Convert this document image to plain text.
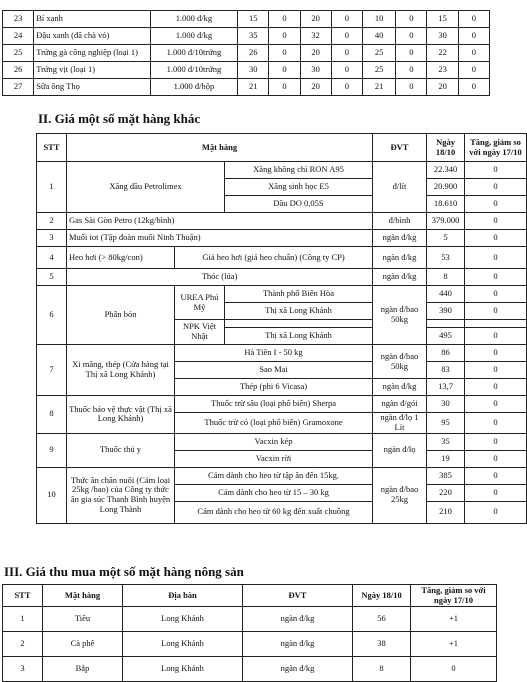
23	Bí xanh	1.000 đ/kg	15	0	20	0	10	0	15	0
24	Đậu xanh (đã chà vỏ)	1.000 đ/kg	35	0	32	0	40	0	30	0
25	Trứng gà công nghiệp (loại 1)	1.000 đ/10trứng	26	0	20	0	25	0	22	0
26	Trứng vịt (loại 1)	1.000 đ/10trứng	30	0	30	0	25	0	23	0
27	Sữa ông Thọ	1.000 đ/hộp	21	0	20	0	21	0	20	0
II. Giá một số mặt hàng khác
STT	Mặt hàng			ĐVT	Ngày 18/10	Tăng, giảm so với ngày 17/10
1	Xăng dầu Petrolimex		Xăng không chì RON A95	đ/lít	22.340	0
			Xăng sinh học E5		20.900	0
			Dầu DO 0,05S		18.610	0
2	Gas Sài Gòn Petro (12kg/bình)			đ/bình	379.000	0
3	Muối iot (Tập đoàn muối Ninh Thuận)			ngàn đ/kg	5	0
4	Heo hơi (> 80kg/con)	Giá heo hơi (giá heo chuẩn) (Công ty CP)		ngàn đ/kg	53	0
5	Thóc (lúa)			ngàn đ/kg	8	0
6	Phân bón	UREA Phú Mỹ	Thành phố Biên Hòa	ngàn đ/bao 50kg	440	0
			Thị xã Long Khánh		390	0
		NPK Việt Nhật				
			Thị xã Long Khánh		495	0
7	Xi măng, thép (Cửa hàng tại Thị xã Long Khánh)	Hà Tiên I - 50 kg		ngàn đ/bao 50kg	86	0
		Sao Mai			83	0
		Thép (phi 6 Vicasa)		ngàn đ/kg	13,7	0
8	Thuốc bảo vệ thực vật (Thị xã Long Khánh)	Thuốc trừ sâu (loại phổ biến) Sherpa		ngàn đ/gói	30	0
		Thuốc trừ cỏ (loại phổ biến) Gramoxone		ngàn đ/lọ 1 Lít	95	0
9	Thuốc thú y	Vacxin kép		ngàn đ/lọ	35	0
		Vacxin rời			19	0
10	Thức ăn chăn nuôi (Cám loại 25kg /bao) của Công ty thức ăn gia súc Thanh Bình huyện Long Thành	Cám dành cho heo từ tập ăn đến 15kg.		ngàn đ/bao 25kg	385	0
		Cám dành cho heo từ 15 – 30 kg			220	0
		Cám dành cho heo từ 60 kg đến xuất chuồng			210	0
III. Giá thu mua một số mặt hàng nông sản
STT	Mặt hàng	Địa bàn	ĐVT	Ngày 18/10	Tăng, giảm so với ngày 17/10
1	Tiêu	Long Khánh	ngàn đ/kg	56	+1
2	Cà phê	Long Khánh	ngàn đ/kg	38	+1
3	Bắp	Long Khánh	ngàn đ/kg	8	0
